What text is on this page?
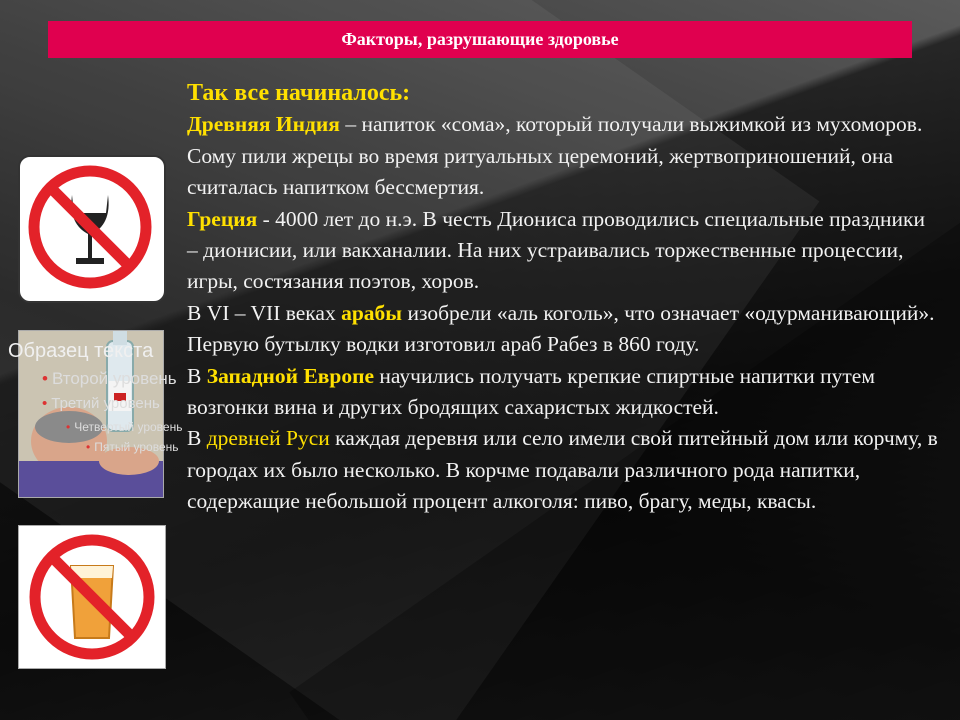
Факторы, разрушающие здоровье
Образец текста
• Второй уровень
• Третий уровень
• Четвертый уровень
• Пятый уровень

Так все начиналось:

Древняя Индия – напиток «сома», который получали выжимкой из мухоморов. Сому пили жрецы во время ритуальных церемоний, жертвоприношений, она считалась напитком бессмертия.

Греция - 4000 лет до н.э. В честь Диониса проводились специальные праздники – дионисии, или вакханалии. На них устраивались торжественные процессии, игры, состязания поэтов, хоров.

В VI – VII веках арабы изобрели «аль коголь», что означает «одурманивающий». Первую бутылку водки изготовил араб Рабез в 860 году.

В Западной Европе научились получать крепкие спиртные напитки путем возгонки вина и других бродящих сахаристых жидкостей.

В древней Руси каждая деревня или село имели свой питейный дом или корчму, в городах их было несколько. В корчме подавали различного рода напитки, содержащие небольшой процент алкоголя: пиво, брагу, меды, квасы.
